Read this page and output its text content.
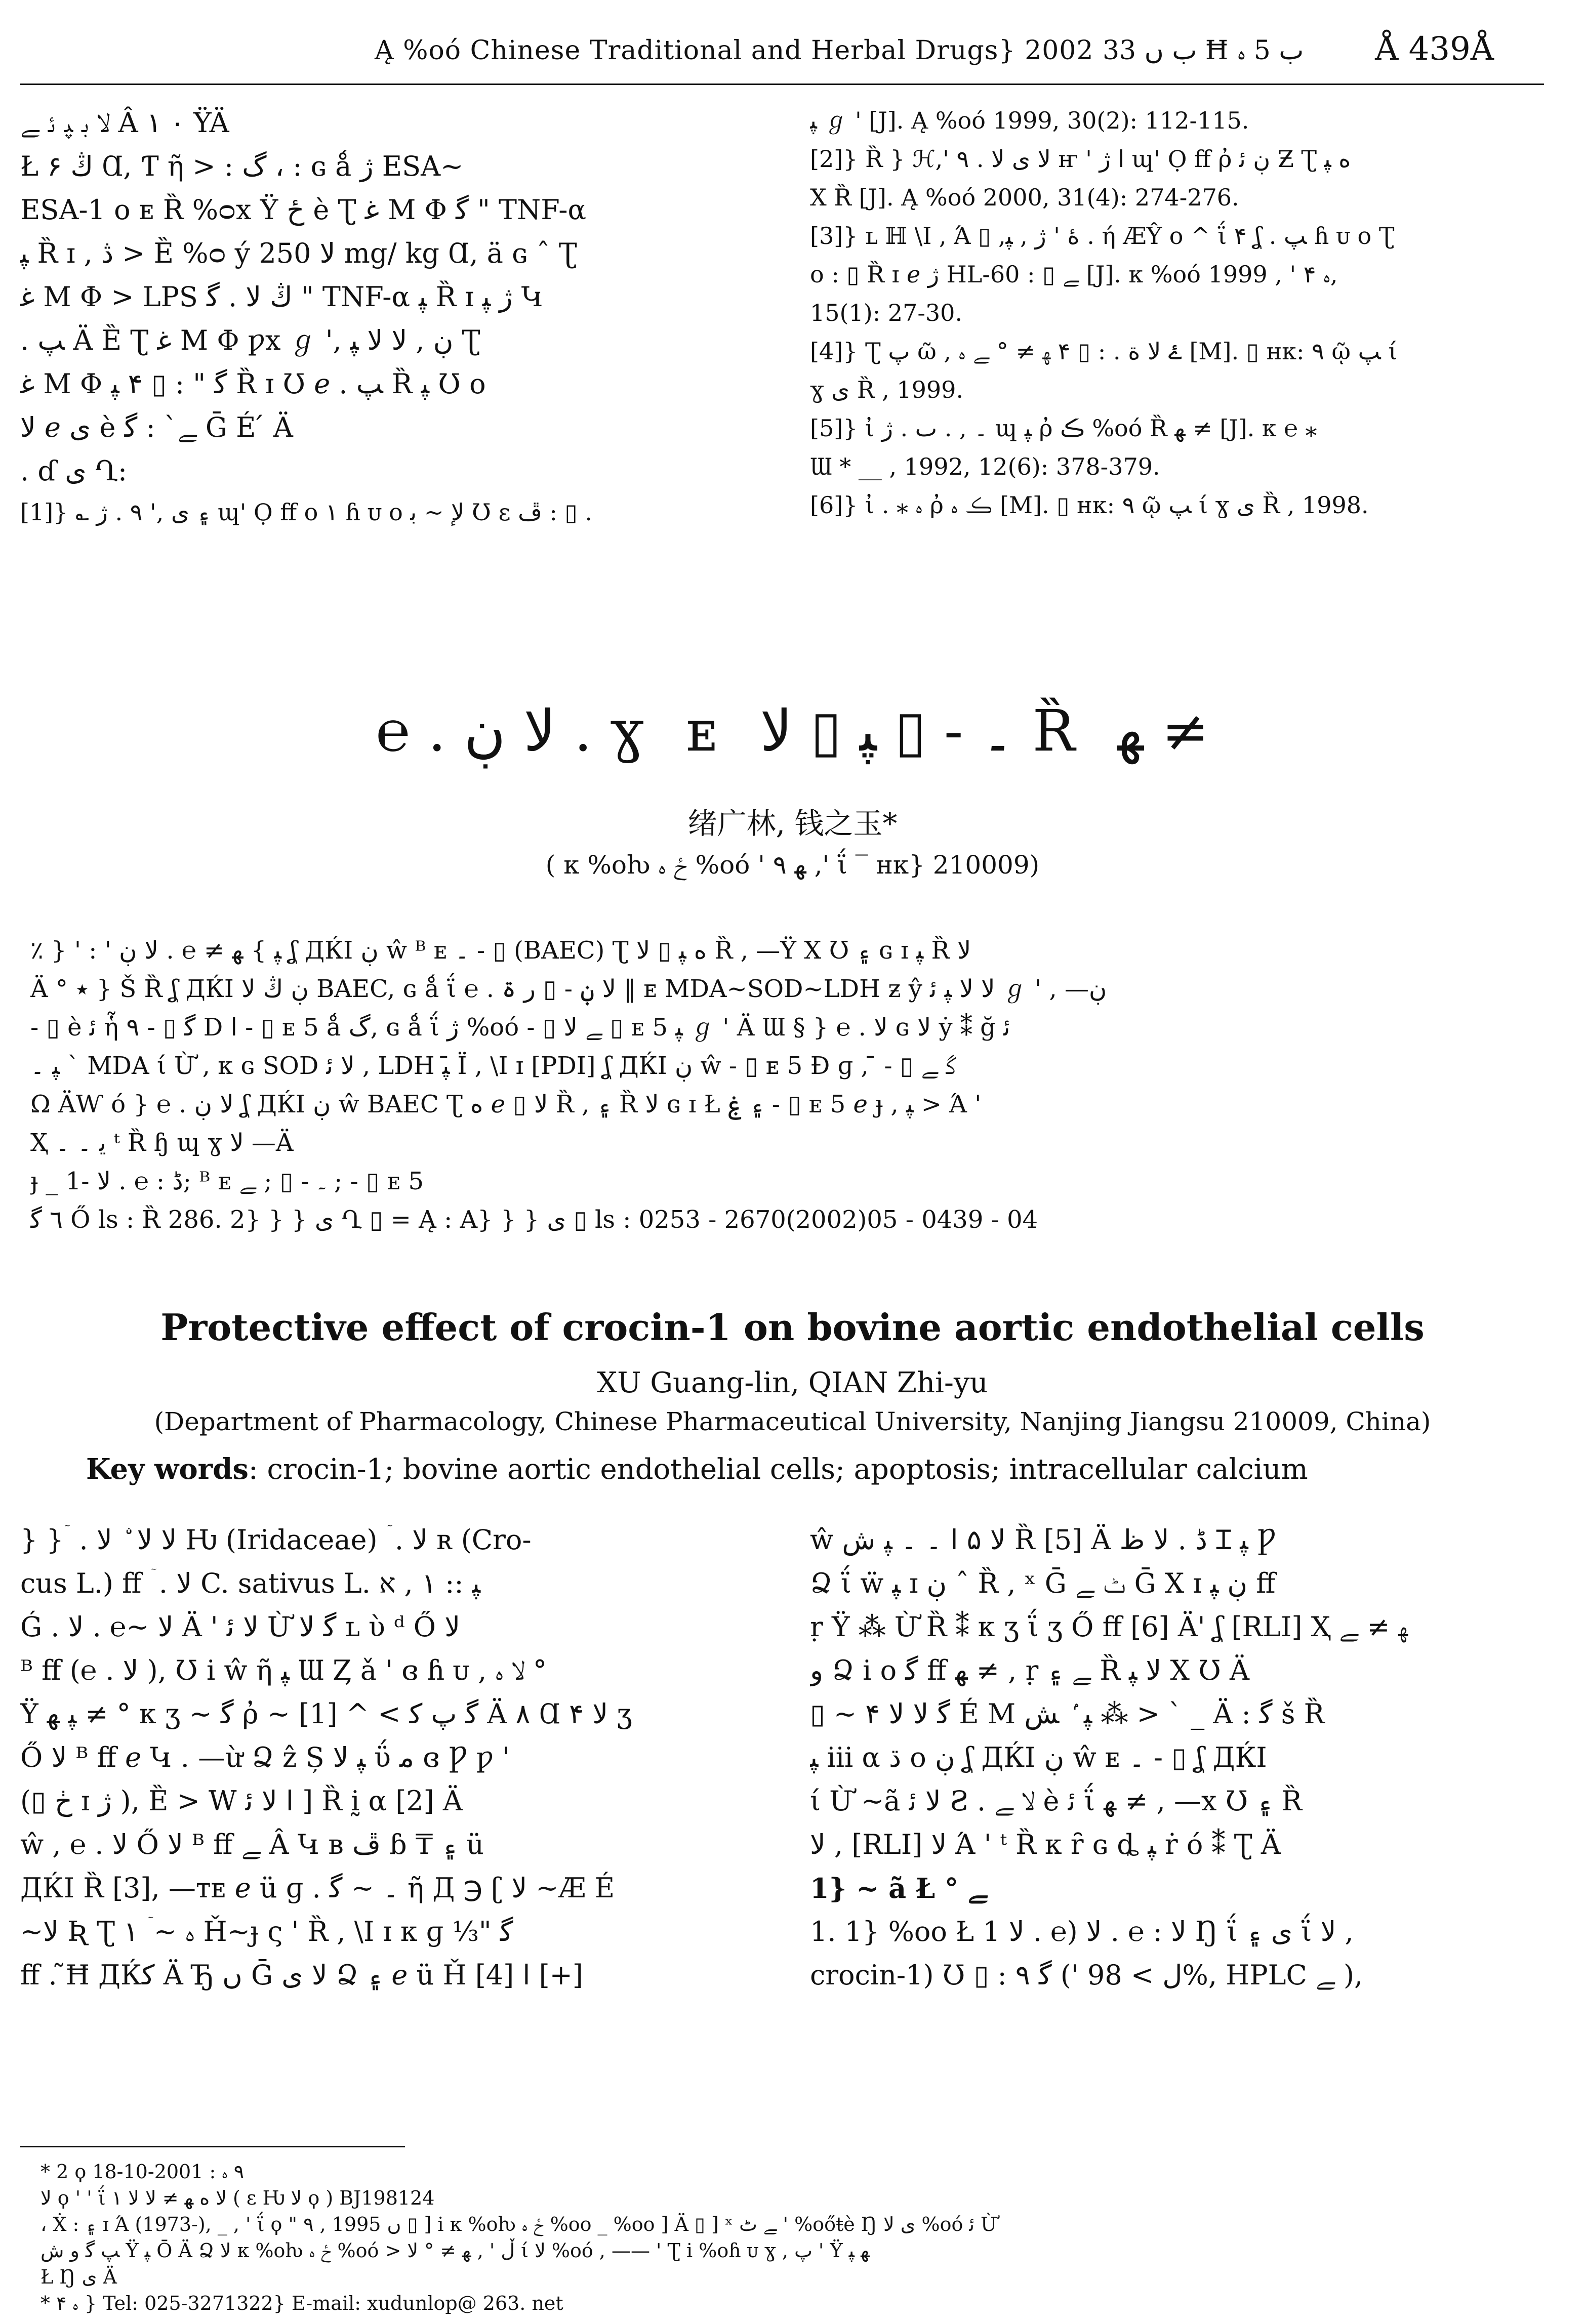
Ą %oó Chinese Traditional and Herbal Drugs} 2002 ب ں 33 Ħ ب 5 ﮦ Å 439Å

ﻻ ﺑ ﭙ ﺋ ﮯ Â ۱ ۰ ŸÄ

Ł ڭ ۶ Ɑ, Ƭ ῆ > : گ ، : ɢ ǻ ژ ESA~

ESA-1 ᴏ ᴇ Ȑ %ᴑx Ÿ ځ è Ʈ ﻏ M Φ ﮔ " TNF-α

ﭙ Ȑ ɪ , ڎ > Ȅ %ᴑ ý ﻻ 250 mg/ kg Ɑ, ä ɢ ˆ Ʈ

ﻏ M Φ > LPS ڭ ﻻ . ﮔ " TNF-α ﭙ Ȑ ɪ ژ ﭙ Կ

. ﭗ Ä Ȅ Ʈ ﻏ M Φ ƿx ℊ ', ڹ , ﻻ ﻻ ﭙ Ʈ

ﻏ M Φ ﮔ " : ▯ ۴ ﭙ Ȑ ɪ Ʊ ℯ . ﭗ Ȑ ﭙ Ʊ ᴏ

ﻻ ℯ ﻯ è ﮯ` : ﮔ Ḡ É ́ Ä

. ɗ ﻯ Ղ:

[1]} ؎ ۽ ﻯ ,' ۹ . ژ ɰ' Ọ ff ᴏ ۱ ɦ ᴜ ᴏ ﻹ ~ ﺑ Ʊ ɛ ڦ : ▯ .

ﭙ ℊ ' [J]. Ą %oó 1999, 30(2): 112-115.

[2]} Ȑ } ℋ,' ۹ . ﻻ ﻯ ﻻ ҥ ' ﺍ ژ ɰ' Ọ ff ῤ ڹ ﺋ Ƶ Ʈ ﻩ ﭙ

X Ȑ [J]. Ą %oó 2000, 31(4): 274-276.

[3]} ʟ ℍ \Ⅰ , Ά ▯ ,ۀ ' ژ , ﭙ . ή ÆŶ ᴏ ^ ΐ ۴ ʆ . ﭗ ɦ ᴜ ᴏ Ʈ

ᴏ : ▯ Ȑ ɪ ℯ ژ HL-60 : ▯ ﮯ [J]. ᴋ %oó ﮦ ۴ ' , 1999,

15(1): 27-30.

[4]} Ʈ ﭖ ῶ , ۓ ﻻ ﺓ . : ▯ ۴ ﻬ ≠ ° ﮯ ﮦ [M]. ▯ ʜᴋ: ٩ ῷ ﭗ ί

ɣ ﻯ Ȑ , 1999.

[5]} ἰ ۔ , . ٮ . ژ ɰ ﭙ ῤ ڪ %oó Ȑ ﻬ ≠ [J]. ᴋ ℮ ⁎

Ɯ * __ , 1992, 12(6): 378-379.

[6]} ἰ . ⁎ ﮦ ῤ ڪ ﮦ [M]. ▯ ʜᴋ: ٩ ῷ ﭗ ί ɣ ﻯ Ȑ , 1998.

℮ . ﻻ ڹ . ɣ ᴇ ۔ - ▯ ﭙ ▯ ﻻ Ȑ ﻬ ≠
绪广林, 钱之玉*
( ᴋ %oƕ ځ ﮦ %oó ' ﻬ ۹ ,' ΐ ‾ ʜᴋ} 210009)

٪ } ' : ' ﭙ } ﻬ ≠ ℮ . ﻻ ڹ ʆ ДЌI ڹ ŵ ᴮ ᴇ ۔ - ▯ (BAEC) Ʈ ﻩ ﭙ ▯ ﻻ Ȑ , —Ÿ X Ʊ ۽ ɢ ɪ ﭙ Ȑ ﻻ

Ä ° ٭ } Š Ȑ ʆ ДЌI ڹ ڭ ﻻ BAEC, ɢ ǻ ΐ ℮ . ﻻ ڹ - ▯ ﺭ ۃ ‖ ᴇ MDA~SOD~LDH ƶ ŷ ﻻ ﻻ ﭙ ﺋ ℊ ' , —ڹ

- ▯ è ﺋ ἧ ۹ - ▯ ﮔ D ﺍ - ▯ ᴇ 5 ǻ گ, ɢ ǻ ΐ ژ %oó - ▯ ﮯ ﻻ ▯ ᴇ 5 ﭙ ℊ ' Ä Ɯ § } ℮ . ﻻ ɢ ﻻ ẏ ⁑ ğ ﺋ

ﭙ ۔ ` MDA ί Ừ , ᴋ ɢ SOD ﻻ ﺋ , LDH ﭙ ̄Ϊ , \Ⅰ ɪ [PDI] ʆ ДЌI ڹ ŵ - ▯ ᴇ 5 Ɖ ɡ , ̄ - ▯ ﮔ ﮯ

Ω ÄⱲ ó } ℮ . ﻻ ڹ ʆ ДЌI ڹ ŵ BAEC Ʈ ﻩ ℯ ▯ ﻻ Ȑ , ۽ Ȑ ﻻ ɢ ɪ Ł ۽ ۼ - ▯ ᴇ 5 ℯ ɟ , ﭙ > Ά '

Ҳ ﯾ ۔ ۔ ᵗ Ȑ ɧ ɰ ɣ ﻻ —Ä

ɟ _ ڈ : ℮ . ﻻ -1; ᴮ ᴇ ۔ - ▯ ; ﮯ ; - ▯ ᴇ 5

٦ ﮔ Ő ls : Ȑ 286. 2} } } ﻯ Ղ ▯ = Ą : A} } } ﻯ ▯ ls : 0253 - 2670(2002)05 - 0439 - 04

Protective effect of crocin-1 on bovine aortic endothelial cells
XU Guang-lin, QIAN Zhi-yu
(Department of Pharmacology, Chinese Pharmaceutical University, Nanjing Jiangsu 210009, China)
Key words: crocin-1; bovine aortic endothelial cells; apoptosis; intracellular calcium

} } ۤ . ﻻ ﻻ ۨ ﻻ Ƕ (Iridaceae) ۤ . ﻻ ʀ (Cro-

cus L.) ff ۤ . ﻻ C. sativus L. ﭙ :: ۱ , א

Ǵ . ﻻ ~℮ . ﻻ Ä ' ﻻ ﺋ Ừ ﮔ ﻻ ʟ ὺ ᵈ Ő ﻻ

ᴮ ff (℮ . ﻻ ), Ʊ i ŵ ῆ ﭙ Ɯ Ȥ ǎ ' ɞ ɦ ᴜ , ﻻ ﮦ °

Ÿ ﭙ ﻬ ≠ ° ᴋ ʒ ~ ﮔ ῤ ~ ﮔ ﭖ ﮐ > ^ [1] Ä ۸ Ɑ ۴ ﻻ ʒ

Ő ﻻ ᴮ ff ℯ Կ . —ừ Ձ ẑ Ș ﭙ ﻻ ΰ ﻣ ɞ Ƿ ƿ '

(▯ ڂ ɪ ژ ), Ȅ > W ﺍ ﻻ ﺋ ] Ȑ ḭ α [2] Ä

ŵ , ℮ . ﻻ Ő ﻻ ᴮ ff ﮯ Â Կ ʙ ڦ ɓ ₸ ۽ ü

ДЌI Ȑ [3], —ᴛᴇ ℯ ü ɡ . ۔ ~ ﮔ ῆ Д ℈ ʗ ﻻ ~Æ É

~ﻻ Ʀ Ʈ ﻩ ~ ۤ ۱ Ȟ~ɟ ς ' Ȑ , \Ⅰ ɪ ᴋ ɡ ⅓" ﮔ

ff . ̃Ħ ДЌﮐ Ä Ђ ں Ḡ ﻻ ﻯ Ձ ۽ ℯ ü Ȟ [4] ﺍ [+]

ŵ ﻻ ۵ ﺍ ۔ ۔ ﭙ ﺵ Ȑ [5] Ä ڈ . ﻻ ﻅ Ɪ ﭙ Ƿ

Ձ ΐ ẅ ﭙ ɪ ڹ ˆ Ȑ , ˣ Ḡ ﭦ ﮯ Ḡ X ɪ ڹ ﭙ ff

ṛ Ÿ ⁂ Ừ Ȑ ⁑ ᴋ ʒ ΐ ʒ Ő ff [6] Ä' ʆ [RLI] Ҳ ﻬ ≠ ﮯ

ﻭ Ձ i ᴏ ﮔ ff ﻬ ≠ , ṛ ﮯ ۽ Ȑ ﻻ ﭙ X Ʊ Ä

▯ ~ ﮔ ﻻ ﻻ ۴ É M ﭙ ۢ ﺶ ⁂ > ` _ Ä : ﮔ š Ȑ

ﭙ iii α ڌ ᴏ ڹ ʆ ДЌI ڹ ŵ ᴇ ۔ - ▯ ʆ ДЌI

ί Ừ ~ã ﻻ ﺋ Ƨ . ﻻ ﮯ è ﺋ ΐ ﻬ ≠ , —x Ʊ ۽ Ȑ

ﻻ , [RLI] ﻻ Ά ' ᵗ Ȑ ᴋ ȓ ɢ ȡ ﭙ ṙ ó ⁑ Ʈ Ä

1} ~ ã Ł ° ﮯ

1. 1} %oo Ł 1 ﻻ : ℮ . ﻻ (℮ . ﻻ Ŋ ΐ ﻯ ۽ ΐ ﻻ ,

crocin-1) Ʊ ▯ : ﮔ ۹ (' ﻝ > 98%, HPLC ﮯ ),

* 2 ϙ ٩ ﮦ : 2001-10-18

ﻻ ϙ ' ' ΐ ۱ ﻻ ﻩ ﻬ ≠ ﻻ ﻻ ( ɛ Ƕ ﻻ ϙ ) BJ198124

، Ẋ : ۽ ɪ Ά (1973-), _ , ' ΐ ϙ " ٩ , 1995 ں ▯ ] i ᴋ %oƕ ځ ﮦ %oo _ %oo ] Ä ▯ ] ˣ ﮯ ﭦ ' %oőŧè Ŋ ﻯ ﻻ %oó ﺋ Ừ

ﭗ ﮔ ﻭ ﺵ Ÿ ﭙ Ō Ä Ձ ﻻ ᴋ %oƕ ځ ﮦ %oó > ڵ ' , ﻬ ≠ ° ﻻ ί ﻻ %oó , —— ' Ʈ i %oɦ ᴜ ɣ , ﭖ ' Ÿ ﻬ ﭙ

Ł Ŋ ﻯ Ä

* ۴ ﮦ } Tel: 025-3271322} E-mail: xudunlop@ 263. net
